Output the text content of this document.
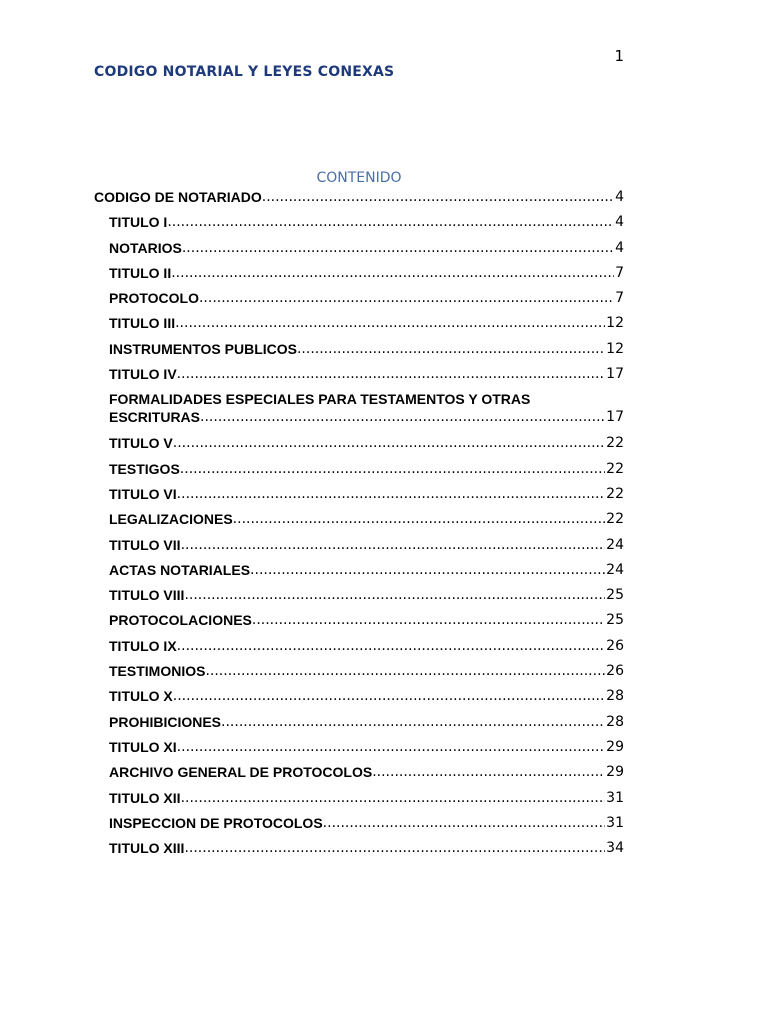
1
CODIGO NOTARIAL Y LEYES CONEXAS
CONTENIDO
CODIGO DE NOTARIADO .....	4
TITULO I .....	4
NOTARIOS .....	4
TITULO II .....	7
PROTOCOLO .....	7
TITULO III .....	12
INSTRUMENTOS PUBLICOS .....	12
TITULO IV .....	17
FORMALIDADES ESPECIALES PARA TESTAMENTOS Y OTRAS
ESCRITURAS .....	17
TITULO V .....	22
TESTIGOS .....	22
TITULO VI .....	22
LEGALIZACIONES .....	22
TITULO VII .....	24
ACTAS NOTARIALES .....	24
TITULO VIII .....	25
PROTOCOLACIONES .....	25
TITULO IX .....	26
TESTIMONIOS .....	26
TITULO X .....	28
PROHIBICIONES .....	28
TITULO XI .....	29
ARCHIVO GENERAL DE PROTOCOLOS .....	29
TITULO XII .....	31
INSPECCION DE PROTOCOLOS .....	31
TITULO XIII .....	34
